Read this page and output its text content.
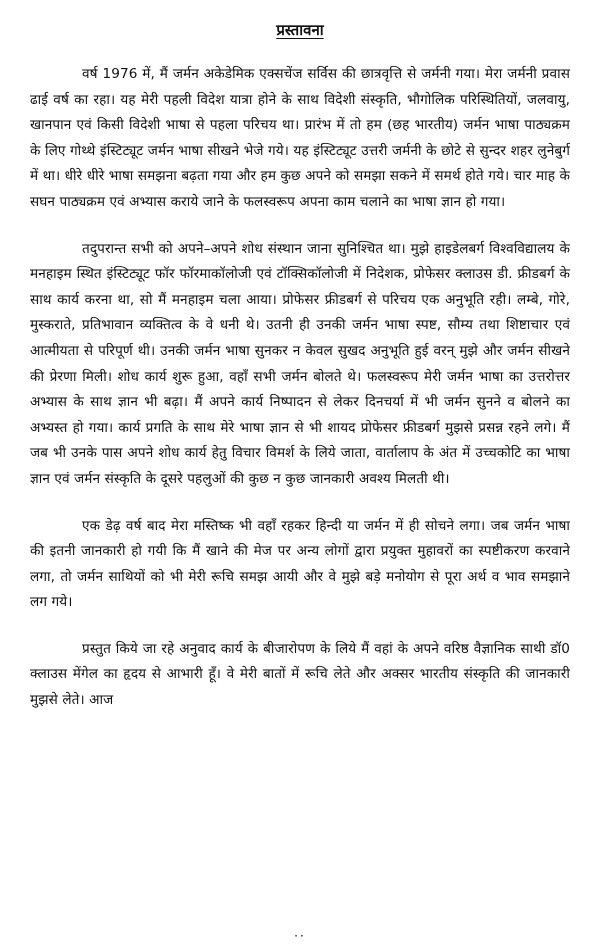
प्रस्तावना

वर्ष 1976 में, मैं जर्मन अकेडेमिक एक्सचेंज सर्विस की छात्रवृत्ति से जर्मनी गया। मेरा जर्मनी प्रवास ढाई वर्ष का रहा। यह मेरी पहली विदेश यात्रा होने के साथ विदेशी संस्कृति, भौगोलिक परिस्थितियों, जलवायु, खानपान एवं किसी विदेशी भाषा से पहला परिचय था। प्रारंभ में तो हम (छह भारतीय) जर्मन भाषा पाठ्यक्रम के लिए गोथ्थे इंस्टिट्यूट जर्मन भाषा सीखने भेजे गये। यह इंस्टिट्यूट उत्तरी जर्मनी के छोटे से सुन्दर शहर लुनेबुर्ग में था। धीरे धीरे भाषा समझना बढ़ता गया और हम कुछ अपने को समझा सकने में समर्थ होते गये। चार माह के सघन पाठ्यक्रम एवं अभ्यास कराये जाने के फलस्वरूप अपना काम चलाने का भाषा ज्ञान हो गया।

तदुपरान्त सभी को अपने–अपने शोध संस्थान जाना सुनिश्चित था। मुझे हाइडेलबर्ग विश्वविद्यालय के मनहाइम स्थित इंस्टिट्यूट फॉर फॉरमाकॉलोजी एवं टॉक्सिकॉलोजी में निदेशक, प्रोफेसर क्लाउस डी. फ्रीडबर्ग के साथ कार्य करना था, सो मैं मनहाइम चला आया। प्रोफेसर फ्रीडबर्ग से परिचय एक अनुभूति रही। लम्बे, गोरे, मुस्कराते, प्रतिभावान व्यक्तित्व के वे धनी थे। उतनी ही उनकी जर्मन भाषा स्पष्ट, सौम्य तथा शिष्टाचार एवं आत्मीयता से परिपूर्ण थी। उनकी जर्मन भाषा सुनकर न केवल सुखद अनुभूति हुई वरन् मुझे और जर्मन सीखने की प्रेरणा मिली। शोध कार्य शुरू हुआ, वहाँ सभी जर्मन बोलते थे। फलस्वरूप मेरी जर्मन भाषा का उत्तरोत्तर अभ्यास के साथ ज्ञान भी बढ़ा। मैं अपने कार्य निष्पादन से लेकर दिनचर्या में भी जर्मन सुनने व बोलने का अभ्यस्त हो गया। कार्य प्रगति के साथ मेरे भाषा ज्ञान से भी शायद प्रोफेसर फ्रीडबर्ग मुझसे प्रसन्न रहने लगे। मैं जब भी उनके पास अपने शोध कार्य हेतु विचार विमर्श के लिये जाता, वार्तालाप के अंत में उच्चकोटि का भाषा ज्ञान एवं जर्मन संस्कृति के दूसरे पहलुओं की कुछ न कुछ जानकारी अवश्य मिलती थी।

एक डेढ़ वर्ष बाद मेरा मस्तिष्क भी वहाँ रहकर हिन्दी या जर्मन में ही सोचने लगा। जब जर्मन भाषा की इतनी जानकारी हो गयी कि मैं खाने की मेज पर अन्य लोगों द्वारा प्रयुक्त मुहावरों का स्पष्टीकरण करवाने लगा, तो जर्मन साथियों को भी मेरी रूचि समझ आयी और वे मुझे बड़े मनोयोग से पूरा अर्थ व भाव समझाने लग गये।

प्रस्तुत किये जा रहे अनुवाद कार्य के बीजारोपण के लिये मैं वहां के अपने वरिष्ठ वैज्ञानिक साथी डॉ0 क्लाउस मेंगेल का हृदय से आभारी हूँ। वे मेरी बातों में रूचि लेते और अक्सर भारतीय संस्कृति की जानकारी मुझसे लेते। आज

··
